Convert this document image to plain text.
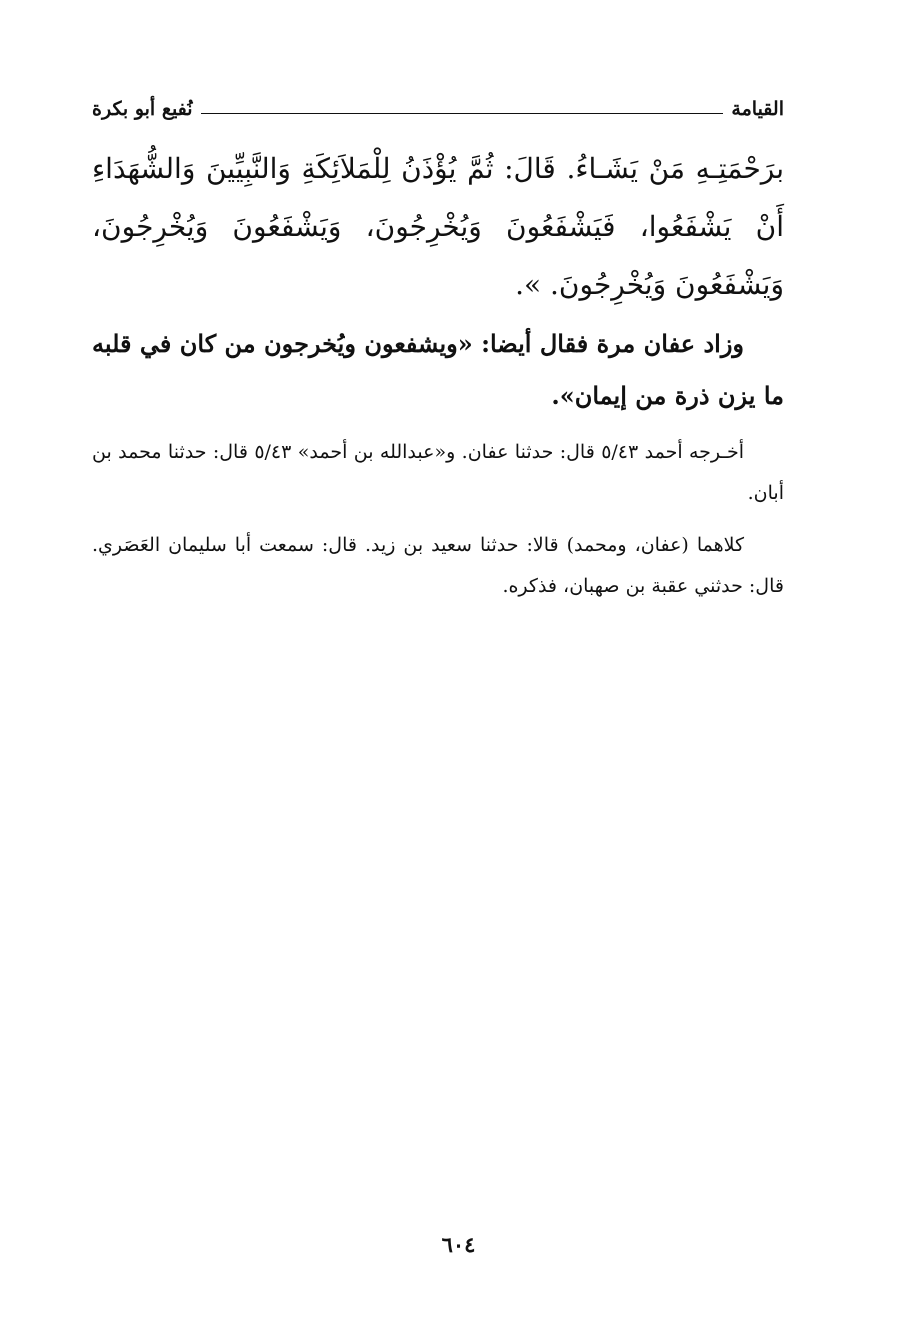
القيامة
نُفيع أبو بكرة

برَحْمَتِـهِ مَنْ يَشَـاءُ. قَالَ: ثُمَّ يُؤْذَنُ لِلْمَلاَئِكَةِ وَالنَّبِيِّينَ وَالشُّهَدَاءِ أَنْ يَشْفَعُوا، فَيَشْفَعُونَ وَيُخْرِجُونَ، وَيَشْفَعُونَ وَيُخْرِجُونَ، وَيَشْفَعُونَ وَيُخْرِجُونَ. ».

وزاد عفان مرة فقال أيضا: «ويشفعون ويُخرجون من كان في قلبه ما يزن ذرة من إيمان».

أخـرجه أحمد ٥/٤٣ قال: حدثنا عفان. و«عبدالله بن أحمد» ٥/٤٣ قال: حدثنا محمد بن أبان.

كلاهما (عفان، ومحمد) قالا: حدثنا سعيد بن زيد. قال: سمعت أبا سليمان العَصَري. قال: حدثني عقبة بن صهبان، فذكره.

٦٠٤
